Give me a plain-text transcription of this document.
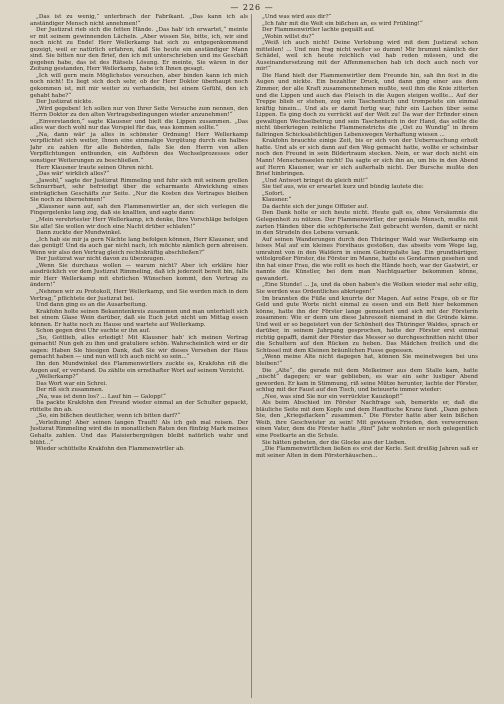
— 226 —

„Das ist zu wenig,“ unterbrach der Fabrikant. „Das kann ich als anständiger Mensch nicht annehmen!“

Der Justizrat rieb sich die fetten Hände. „Das hab' ich erwartet,“ meinte er mit seinem gewinnenden Lächeln. „Aber wissen Sie, bitte, ich, wir sind noch nicht zu Ende! Herr Wellerkamp hat sich zu entgegenkommend gezeigt, weil er natürlich erfahren, daß Sie heute ein anständiger Mann sind. Sie bitten nur den Brief, den ich mit unterschrieben und ins Geschäft gegeben habe, das ist des Rätsels Lösung. Er meinte, Sie wären in der Zeitung gestanden, Herr Wellerkamp, habe ich Ihnen gesagt.

„Ich will gern mein Möglichstes versuchen, aber binden kann ich mich noch nicht! Es liegt sich doch sehr, ob der Herr Doktor überhaupt noch gekommen ist, mit mir weiter zu verhandeln, bei einem Gefühl, den ich gehabt habe?“

Der Justizrat nickte.

„Wird gegeben! Ich sollen nur von Ihrer Seite Versuche zum nennen, den Herrn Doktor zu den alten Vertragsbedingungen wieder anzunehmen!“

„Einverstanden,“ sagte Klausner und hielt die Lippen zusammen. „Das alles war doch wohl nur das Vorspiel für das, was kommen sollte.“

„Na, dann wär' ja alles in schönster Ordnung! Herr Wellerkamp verpflichtet sich weiter, Ihnen eine einmalige Vergütung durch ein halbes Jahr zu zahlen für alle Behörden, falls Sie den Herrn von allen Verpflichtungen entbunden, ein Aufhören des Wechselprozesses oder sonstiger Weiterungen zu beschließen.“

Herr Klausner traute seinen Ohren nicht.

„Das wär' wirklich alles?“

„Jawohl,“ sagte der Justizrat Rimmeling und fuhr sich mit seinem grellen Schnurrbart, sehr befriedigt über die scharmante Abwicklung eines einträglichen Geschäfts zur Seite. „Nur die Kosten des Vertrages bleiben Sie noch zu übernehmen!“

„Klausner sann auf, sah den Flammenwirtler an, der sich verlegen die Fingergelenke lang zog, daß sie knallten, und sagte dann:

„Mein verehrtester Herr Wellerkamp, ich denke, Ihre Vorschläge befolgen Sie alle! Sie wollen wir doch eine Nacht drüber schlafen!“

Dann zuckte der Mundwinkel.

„Ich hab sie mir ja gern Nächte lang befolgen können, Herr Klausner, und das genügt! Und da auch gar nicht nach, ich möchte nämlich gern abreisen. Wenn wir also den Vertrag gleich rechtskräftig abschließen?“

Der Justizrat war nicht davon zu überzeugen.

„Wenn Sie durchaus wollen — warum nicht? Aber ich erkläre hier ausdrücklich vor dem Justizrat Rimmeling, daß ich jederzeit bereit bin, falls mir Herr Wellerkamp mit ehrlichen Wünschen kommt, den Vertrag zu ändern!“

„Nehmen wir zu Protokoll, Herr Wellerkamp, und Sie werden mich in dem Vertrag,“ pflichtete der Justizrat bei.

Und dann ging es an die Ausarbeitung.

Krakfohn holte seinen Bekanntenkreis zusammen und man unterhielt sich bei einem Glase Wein darüber, daß sie Euch jetzt nicht um Mittag essen können. Er hatte noch zu Hause und wartete auf Wellerkamp.

Schon gegen drei Uhr suchte er ihn auf.

„So, Gottlieb, alles erledigt! Mit Klausner hab' ich meinen Vertrag gemacht! Nun geh zu ihm und gratuliere schön. Wahrscheinlich wird er dir sagen: Haben Sie hiesigen Dank, daß Sie wir dieses Versehen der Haus gemacht haben — und nun will ich auch nicht so sein...“

Ihn den Mundwinkel des Flammenwirtlers zuckte es, Krakfohn riß die Augen auf, er verstand. Da zählte ein ernsthafter Wort auf seinem Verzicht.

„Wellerkamp?“

Das Wort war ein Schrei.

Der riß sich zusammen.

„Na, was ist denn los? ... Lauf hin — Galopp!“

Da packte Krakfohn den Freund wieder einmal an der Schulter gepackt, rüttelte ihn ab.

„So, ein bißchen deutlicher, wenn ich bitten darf?“

„Verleihung! Aber seinen langen Trauft! Als ich geh mal reisen. Der Justizrat Rimmeling wird die in monatlichen Raten den fünfzig Mark meines Gehalts zahlen. Und das Plaisierbergnügen bleibt natürlich wahr und blüht...“

Wieder schüttelte Krakfohn den Flammenwirtler ab.

„Und was wird aus dir?“

„Ich fahr mit die Welt ein bißchen an, es wird Frühling!“

Der Flammenwirtler lachte gequält auf.

„Wohin willst du?“

„Weiß ich auch nicht! Deine Verlobung wird mit dem Justizrat schon mitteilen! ... Und nun frag nicht weiter so dumm! Mir brummt nämlich der Schädel, weil ich heute reichlich viel hab reden müssen, und die Auseinandersetzung mit der Affenmenschen hab ich doch auch noch vor mir!“

Die Hand hielt der Flammenwirtler dem Freunde hin, sah ihn fest in die Augen und nickte. Ein bezahlter Druck, und dann ging einer aus dem Zimmer, der alle Kraft zusammennehmen mußte, weil ihm die Knie zitterten und die Lippen und auch das Fleisch in die Augen steigen wollte... Auf der Treppe blieb er stehen, zog sein Taschentuch und trompetete ein einmal kräftig hinein... Und als er damit fertig war, fuhr ein Lachen über seine Lippen. Es ging doch zu verrückt auf der Welt zu! Da war der Erfinder einen gewaltigen Wechselbetrug und sein Taschentuch in der Hand, das sollte die nicht überkriegen reinliche Flammenstrichs die „Ost zu Wundig“ in ihrem fallringen Schicksalstüchtigen Lebenswegen Verhaftung wiesen ...

Krakfohn brauchte einige Zeit, bis er sich von der Ueberraschung erholt hatte. Und als er sich dann auf den Weg gemacht hatte, wollte er scheinbar noch den Freund in sein Bildertraum stecken. Nein, er war doch nicht ein Mann! Menschenseelen nicht! Da sagte er sich ihn an, um bis in den Abend auf Herrn Klausner, war er sich außerhalb nicht. Der Bursche mußte den Brief hinbringen.

„Und Antwort bringst du gleich mit!“

Sie tief aus, wie er erwartet kurz und bündig lautete die:

„Sofort.

Klausner.“

Da dachte sich der junge Offizier auf.

Den Dank holte er sich heute nicht. Heute galt es, ohne Versäumnis die Gelegenheit zu nützen. Der Flammenwirtler, der geniale Mensch, mußte mit zarten Händen über die schöpferische Zeit gebracht werden, damit er nicht in den Strudeln des Lebens versank.

Auf seinen Wanderungen durch den Thüringer Wald war Wellerkamp ein leises Mal auf ein kleines Forsthaus gestoßen, das abseits vom Wege lag, umrahmt von in den Waldern in einem Gebirgsfalte lag. Ein grundbärtiger, wittelgroßer Förster, die Förster im Manne, hatte es Gendarmen gesehen und ihn hat einer Frau, die wie rollt es hoch die Hände hoch, war der Gastwirt, er nannte die Künstler, bei dem man Nachtquartier bekommen könne, gewandert.

„Eine Stunde! ... Ja, und da oben haben's die Wolken wieder mal sehr eilig, Sie werden was Ordentliches abkriegen!“

Im brannten die Füße und knurrte der Magen. Auf seine Frage, ob er für Geld und gute Worte nicht einmal zu essen und ein Bett hier bekommen könne, hatte ihn der Förster lange gemustert und sich mit der Försterin zusammen: Wie er denn um diese Jahreszeit niemand in die Gründe käme. Und weil er so begeistert von der Schönheit des Thüringer Waldes, sprach er darüber, in seinem Jahrgang gesprochen, hatte der Förster erst einmal richtig gepafft, damit der Förster das Messer so durchgeschnitten nicht über die Schultern auf den Rücken zu heben. Das Mädchen freilich und die Schüssel mit dem Kleinen bräunlichen Fusse gegessen.

„Wenn meine Alte nicht dagegen hat, können Sie meinetwegen bei uns bleiben!“

Die „Alte“, die gerade mit dem Melkeimer aus dem Stalle kam, hatte „nischt“ dagegen; er war geblieben, es war ein sehr lustiger Abend geworden. Er kam in Stimmung, riß seine Mütze herunter, lachte der Förster, schlug mit der Faust auf den Tisch, und beteuerte immer wieder:

„Nee, was sind Sie nur ein verrückter Kauzkopf!“

Als beim Abschied im Förster Nachfrage sah, bemerkte er, daß die bläuliche Seite mit dem Kopfe und dem Handtuche Kranz fand. „Dann gehen Sie, den „Kriegsflacken“ zusammen.“ Die Förster hatte aber kein bißchen Weib, ihre Geschwister zu sein! Mit gewissen Frieden, den verworrenen einen Vater, dem die Förster hatte „fünf“ Jahr wohnten er noch gelegentlich eine Postkarte an die Schule.

Sie hätten gebeten, der die Glocke aus der Lieben.

„Die Flammenwirtlichen ließen es erst der Kerle. Seit dreißig Jahren saß er mit seiner Alten in dem Försterhäuschen...
